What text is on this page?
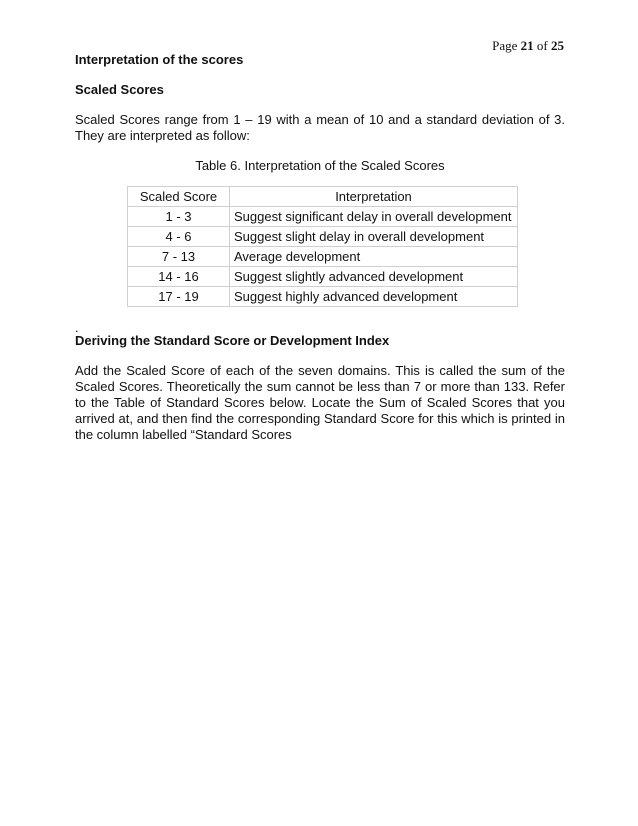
Page 21 of 25

Interpretation of the scores

Scaled Scores

Scaled Scores range from 1 – 19 with a mean of 10 and a standard deviation of 3. They are interpreted as follow:

Table 6. Interpretation of the Scaled Scores
Scaled Score	Interpretation
1 - 3	Suggest significant delay in overall development
4 - 6	Suggest slight delay in overall development
7 - 13	Average development
14 - 16	Suggest slightly advanced development
17 - 19	Suggest highly advanced development
.

Deriving the Standard Score or Development Index

Add the Scaled Score of each of the seven domains. This is called the sum of the Scaled Scores. Theoretically the sum cannot be less than 7 or more than 133. Refer to the Table of Standard Scores below. Locate the Sum of Scaled Scores that you arrived at, and then find the corresponding Standard Score for this which is printed in the column labelled “Standard Scores
